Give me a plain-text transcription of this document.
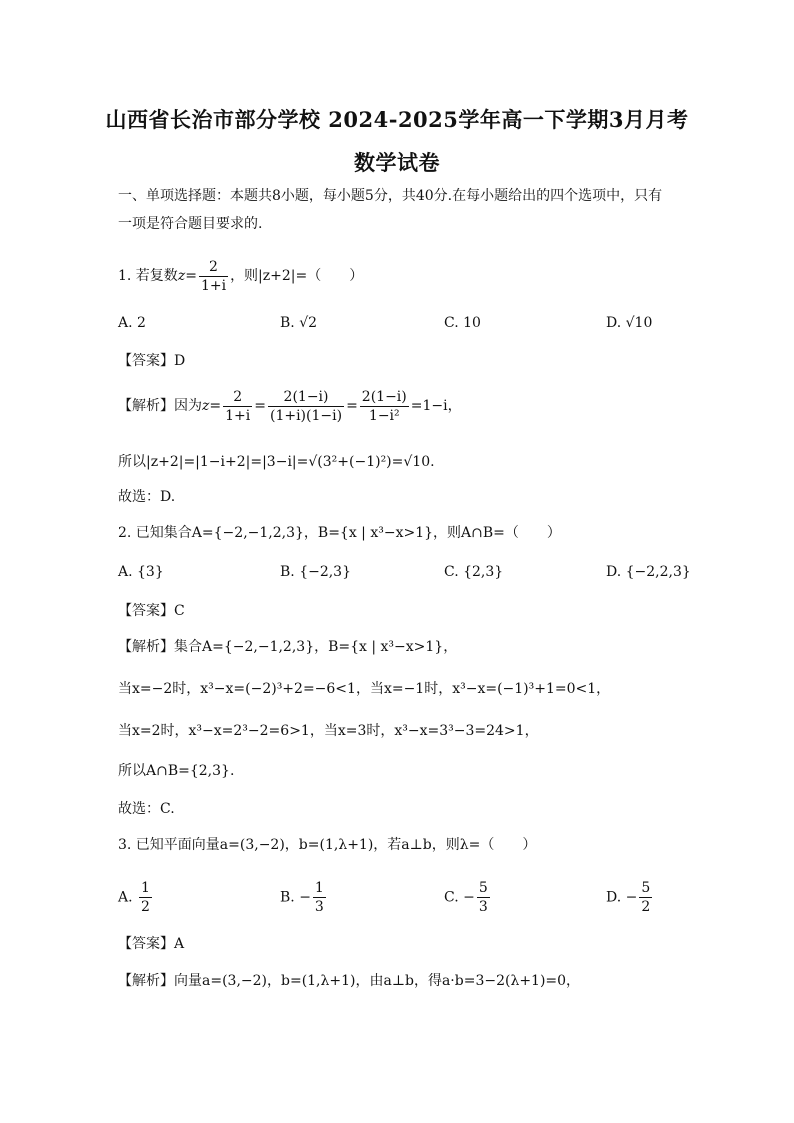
山西省长治市部分学校 2024-2025学年高一下学期3月月考
数学试卷
一、单项选择题：本题共8小题，每小题5分，共40分.在每小题给出的四个选项中，只有
一项是符合题目要求的.
1. 若复数$z= \frac{2}{1+i}$ ，则|z+2|=（　　）
A. 2	B. √2	C. 10	D. √10
【答案】D
【解析】因为$z= \frac{2}{1+i} = \frac{2(1-i)}{(1+i)(1-i)} = \frac{2(1-i)}{\text{1−i²}} =1-i$，
所以|z+2|=|1−i+2|=|3−i|=√(3²+(−1)²)=√10.
故选：D.
2. 已知集合A={−2,−1,2,3}，B={x | x³−x>1}，则A∩B=（　　）
A. {3}	B. {−2,3}	C. {2,3}	D. {−2,2,3}
【答案】C
【解析】集合A={−2,−1,2,3}，B={x | x³−x>1}，
当x=−2时，x³−x=(−2)³+2=−6<1，当x=−1时，x³−x=(−1)³+1=0<1，
当x=2时，x³−x=2³−2=6>1，当x=3时，x³−x=3³−3=24>1，
所以A∩B={2,3}.
故选：C.
3. 已知平面向量a=(3,−2)，b=(1,λ+1)，若a⊥b，则λ=（　　）
A. $\frac{1}{2}$	B. − $\frac{1}{3}$	C. − $\frac{5}{3}$	D. − $\frac{5}{2}$
【答案】A
【解析】向量a=(3,−2)，b=(1,λ+1)，由a⊥b，得a·b=3−2(λ+1)=0，
